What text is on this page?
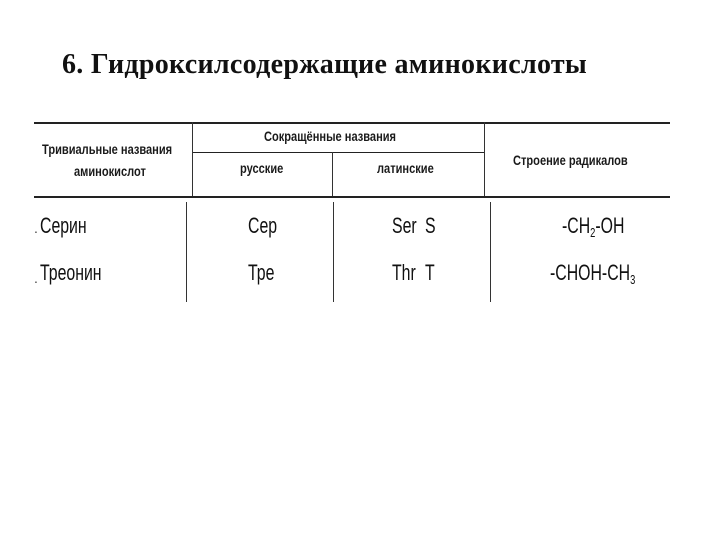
6. Гидроксилсодержащие аминокислоты
Тривиальные названия
аминокислот
Сокращённые названия
русские	латинские
Строение радикалов
. Серин	Сер	Ser S	$-CH_2-OH$
. Треонин	Тре	Thr T	$-CHOH-CH_3$
